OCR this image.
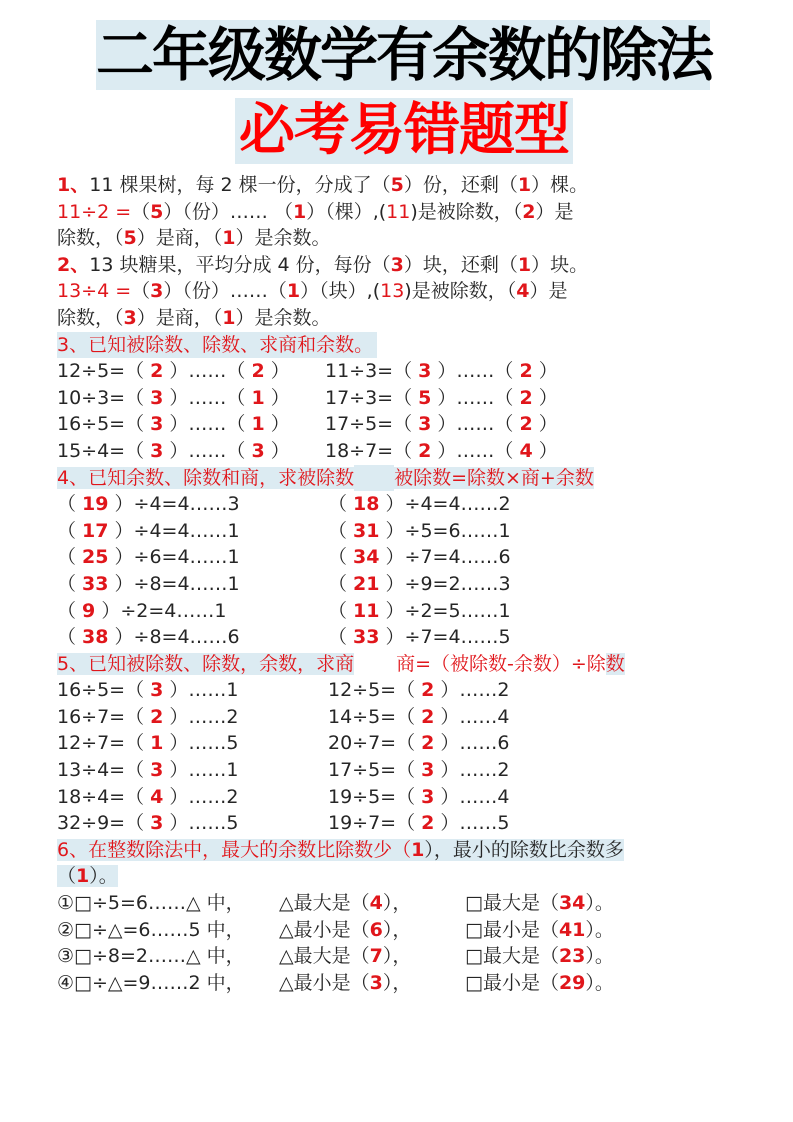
二年级数学有余数的除法
必考易错题型
1、11 棵果树，每 2 棵一份，分成了（5）份，还剩（1）棵。
11÷2 =（5）（份）…… （1）（棵）,(11)是被除数，（2）是
除数，（5）是商，（1）是余数。
2、13 块糖果，平均分成 4 份，每份（3）块，还剩（1）块。
13÷4 =（3）（份）……（1）（块）,(13)是被除数，（4）是
除数，（3）是商，（1）是余数。
3、已知被除数、除数、求商和余数。
12÷5=（ 2 ）……（ 2 ） 11÷3=（ 3 ）……（ 2 ）
10÷3=（ 3 ）……（ 1 ） 17÷3=（ 5 ）……（ 2 ）
16÷5=（ 3 ）……（ 1 ） 17÷5=（ 3 ）……（ 2 ）
15÷4=（ 3 ）……（ 3 ） 18÷7=（ 2 ）……（ 4 ）
4、已知余数、除数和商，求被除数 被除数=除数×商+余数
（ 19 ）÷4=4……3	（ 18 ）÷4=4……2
（ 17 ）÷4=4……1	（ 31 ）÷5=6……1
（ 25 ）÷6=4……1	（ 34 ）÷7=4……6
（ 33 ）÷8=4……1	（ 21 ）÷9=2……3
（ 9 ）÷2=4……1	（ 11 ）÷2=5……1
（ 38 ）÷8=4……6	（ 33 ）÷7=4……5
5、已知被除数、除数，余数，求商 商=（被除数-余数）÷除数
16÷5=（ 3 ）……1	12÷5=（ 2 ）……2
16÷7=（ 2 ）……2	14÷5=（ 2 ）……4
12÷7=（ 1 ）……5	20÷7=（ 2 ）……6
13÷4=（ 3 ）……1	17÷5=（ 3 ）……2
18÷4=（ 4 ）……2	19÷5=（ 3 ）……4
32÷9=（ 3 ）……5	19÷7=（ 2 ）……5
6、在整数除法中，最大的余数比除数少（1），最小的除数比余数多
（1）。
①□÷5=6……△ 中， △最大是（4），	□最大是（34）。
②□÷△=6……5 中， △最小是（6），	□最小是（41）。
③□÷8=2……△ 中， △最大是（7），	□最大是（23）。
④□÷△=9……2 中， △最小是（3），	□最小是（29）。
